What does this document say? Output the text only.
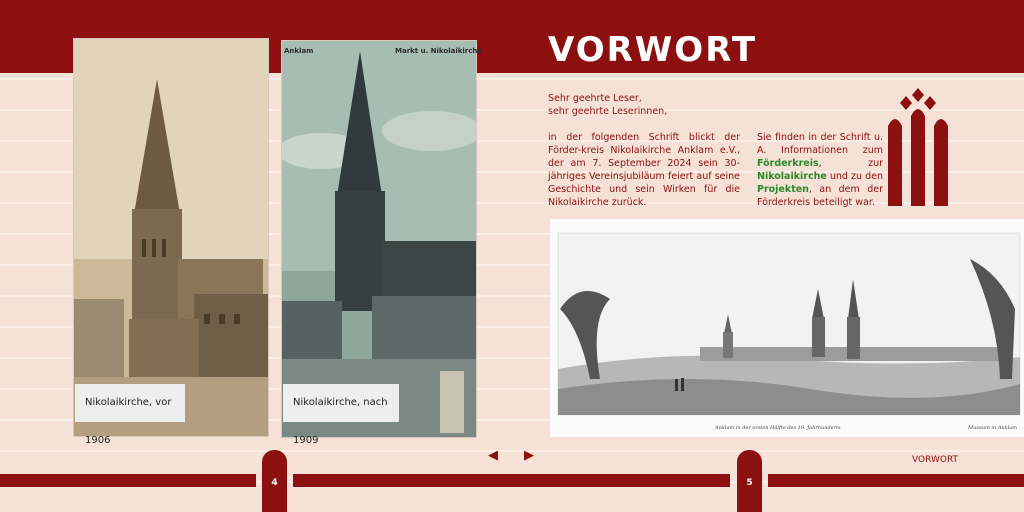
VORWORT
Nikolaikirche, vor 1906
Anklam	Markt u. Nikolaikirche
Nikolaikirche, nach 1909
Sehr geehrte Leser,
sehr geehrte Leserinnen,
in der folgenden Schrift blickt der Förder-kreis Nikolaikirche Anklam e.V., der am 7. September 2024 sein 30-jähriges Vereinsjubiläum feiert auf seine Geschichte und sein Wirken für die Nikolaikirche zurück.
Sie finden in der Schrift u. A. Informationen zum Förderkreis, zur Nikolaikirche und zu den Projekten, an dem der Förderkreis beteiligt war.
Anklam in der ersten Hälfte des 19. Jahrhunderts	Museum in Anklam
4	5
◀ ▶	VORWORT
